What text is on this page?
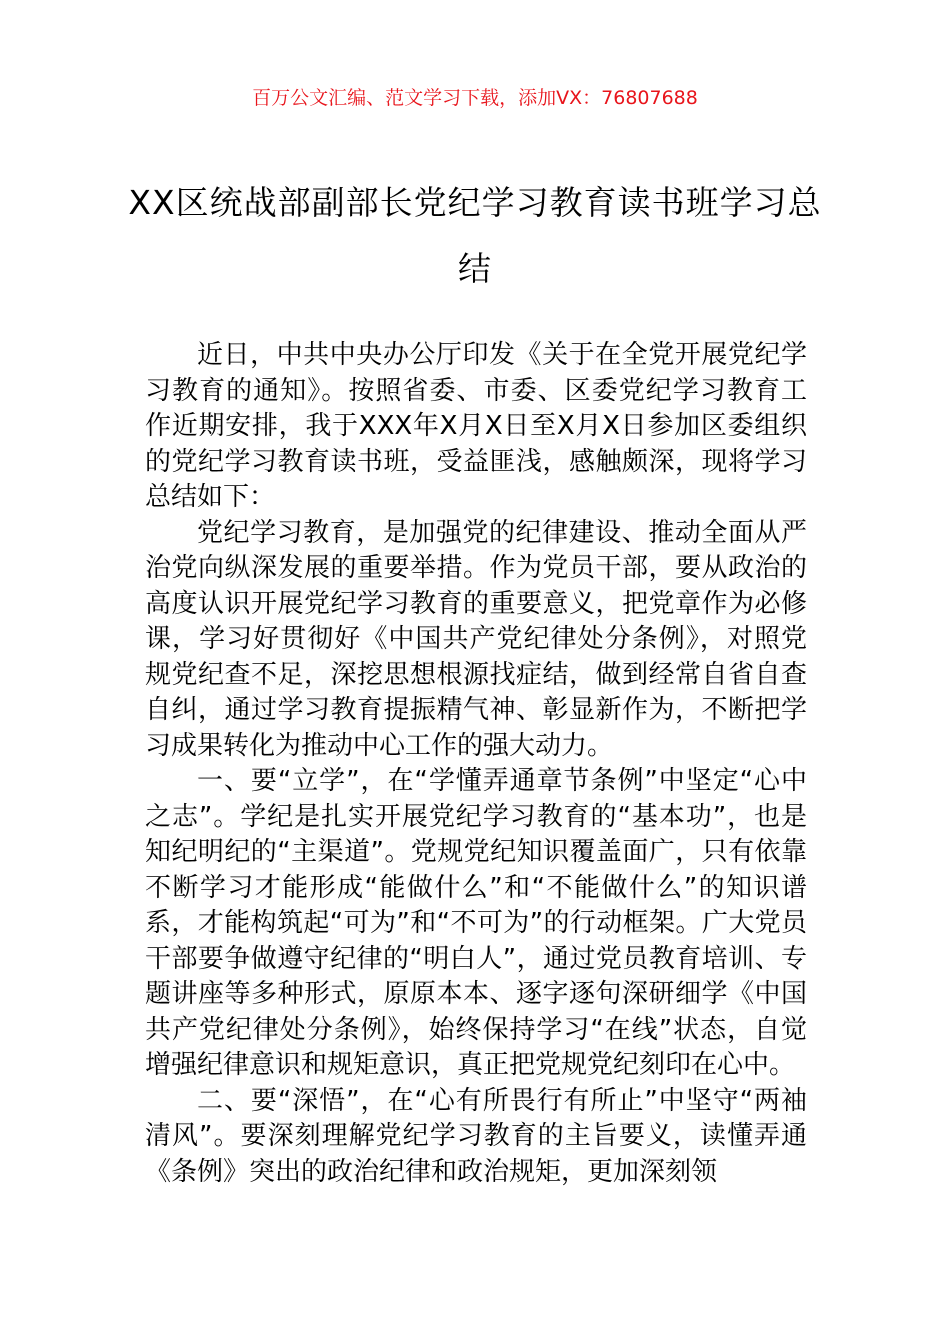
百万公文汇编、范文学习下载，添加VX：76807688
XX区统战部副部长党纪学习教育读书班学习总结

近日，中共中央办公厅印发《关于在全党开展党纪学习教育的通知》。按照省委、市委、区委党纪学习教育工作近期安排，我于XXX年X月X日至X月X日参加区委组织的党纪学习教育读书班，受益匪浅，感触颇深，现将学习总结如下：

党纪学习教育，是加强党的纪律建设、推动全面从严治党向纵深发展的重要举措。作为党员干部，要从政治的高度认识开展党纪学习教育的重要意义，把党章作为必修课，学习好贯彻好《中国共产党纪律处分条例》，对照党规党纪查不足，深挖思想根源找症结，做到经常自省自查自纠，通过学习教育提振精气神、彰显新作为，不断把学习成果转化为推动中心工作的强大动力。

一、要“立学”，在“学懂弄通章节条例”中坚定“心中之志”。学纪是扎实开展党纪学习教育的“基本功”，也是知纪明纪的“主渠道”。党规党纪知识覆盖面广，只有依靠不断学习才能形成“能做什么”和“不能做什么”的知识谱系，才能构筑起“可为”和“不可为”的行动框架。广大党员干部要争做遵守纪律的“明白人”，通过党员教育培训、专题讲座等多种形式，原原本本、逐字逐句深研细学《中国共产党纪律处分条例》，始终保持学习“在线”状态，自觉增强纪律意识和规矩意识，真正把党规党纪刻印在心中。

二、要“深悟”，在“心有所畏行有所止”中坚守“两袖清风”。要深刻理解党纪学习教育的主旨要义，读懂弄通《条例》突出的政治纪律和政治规矩，更加深刻领
